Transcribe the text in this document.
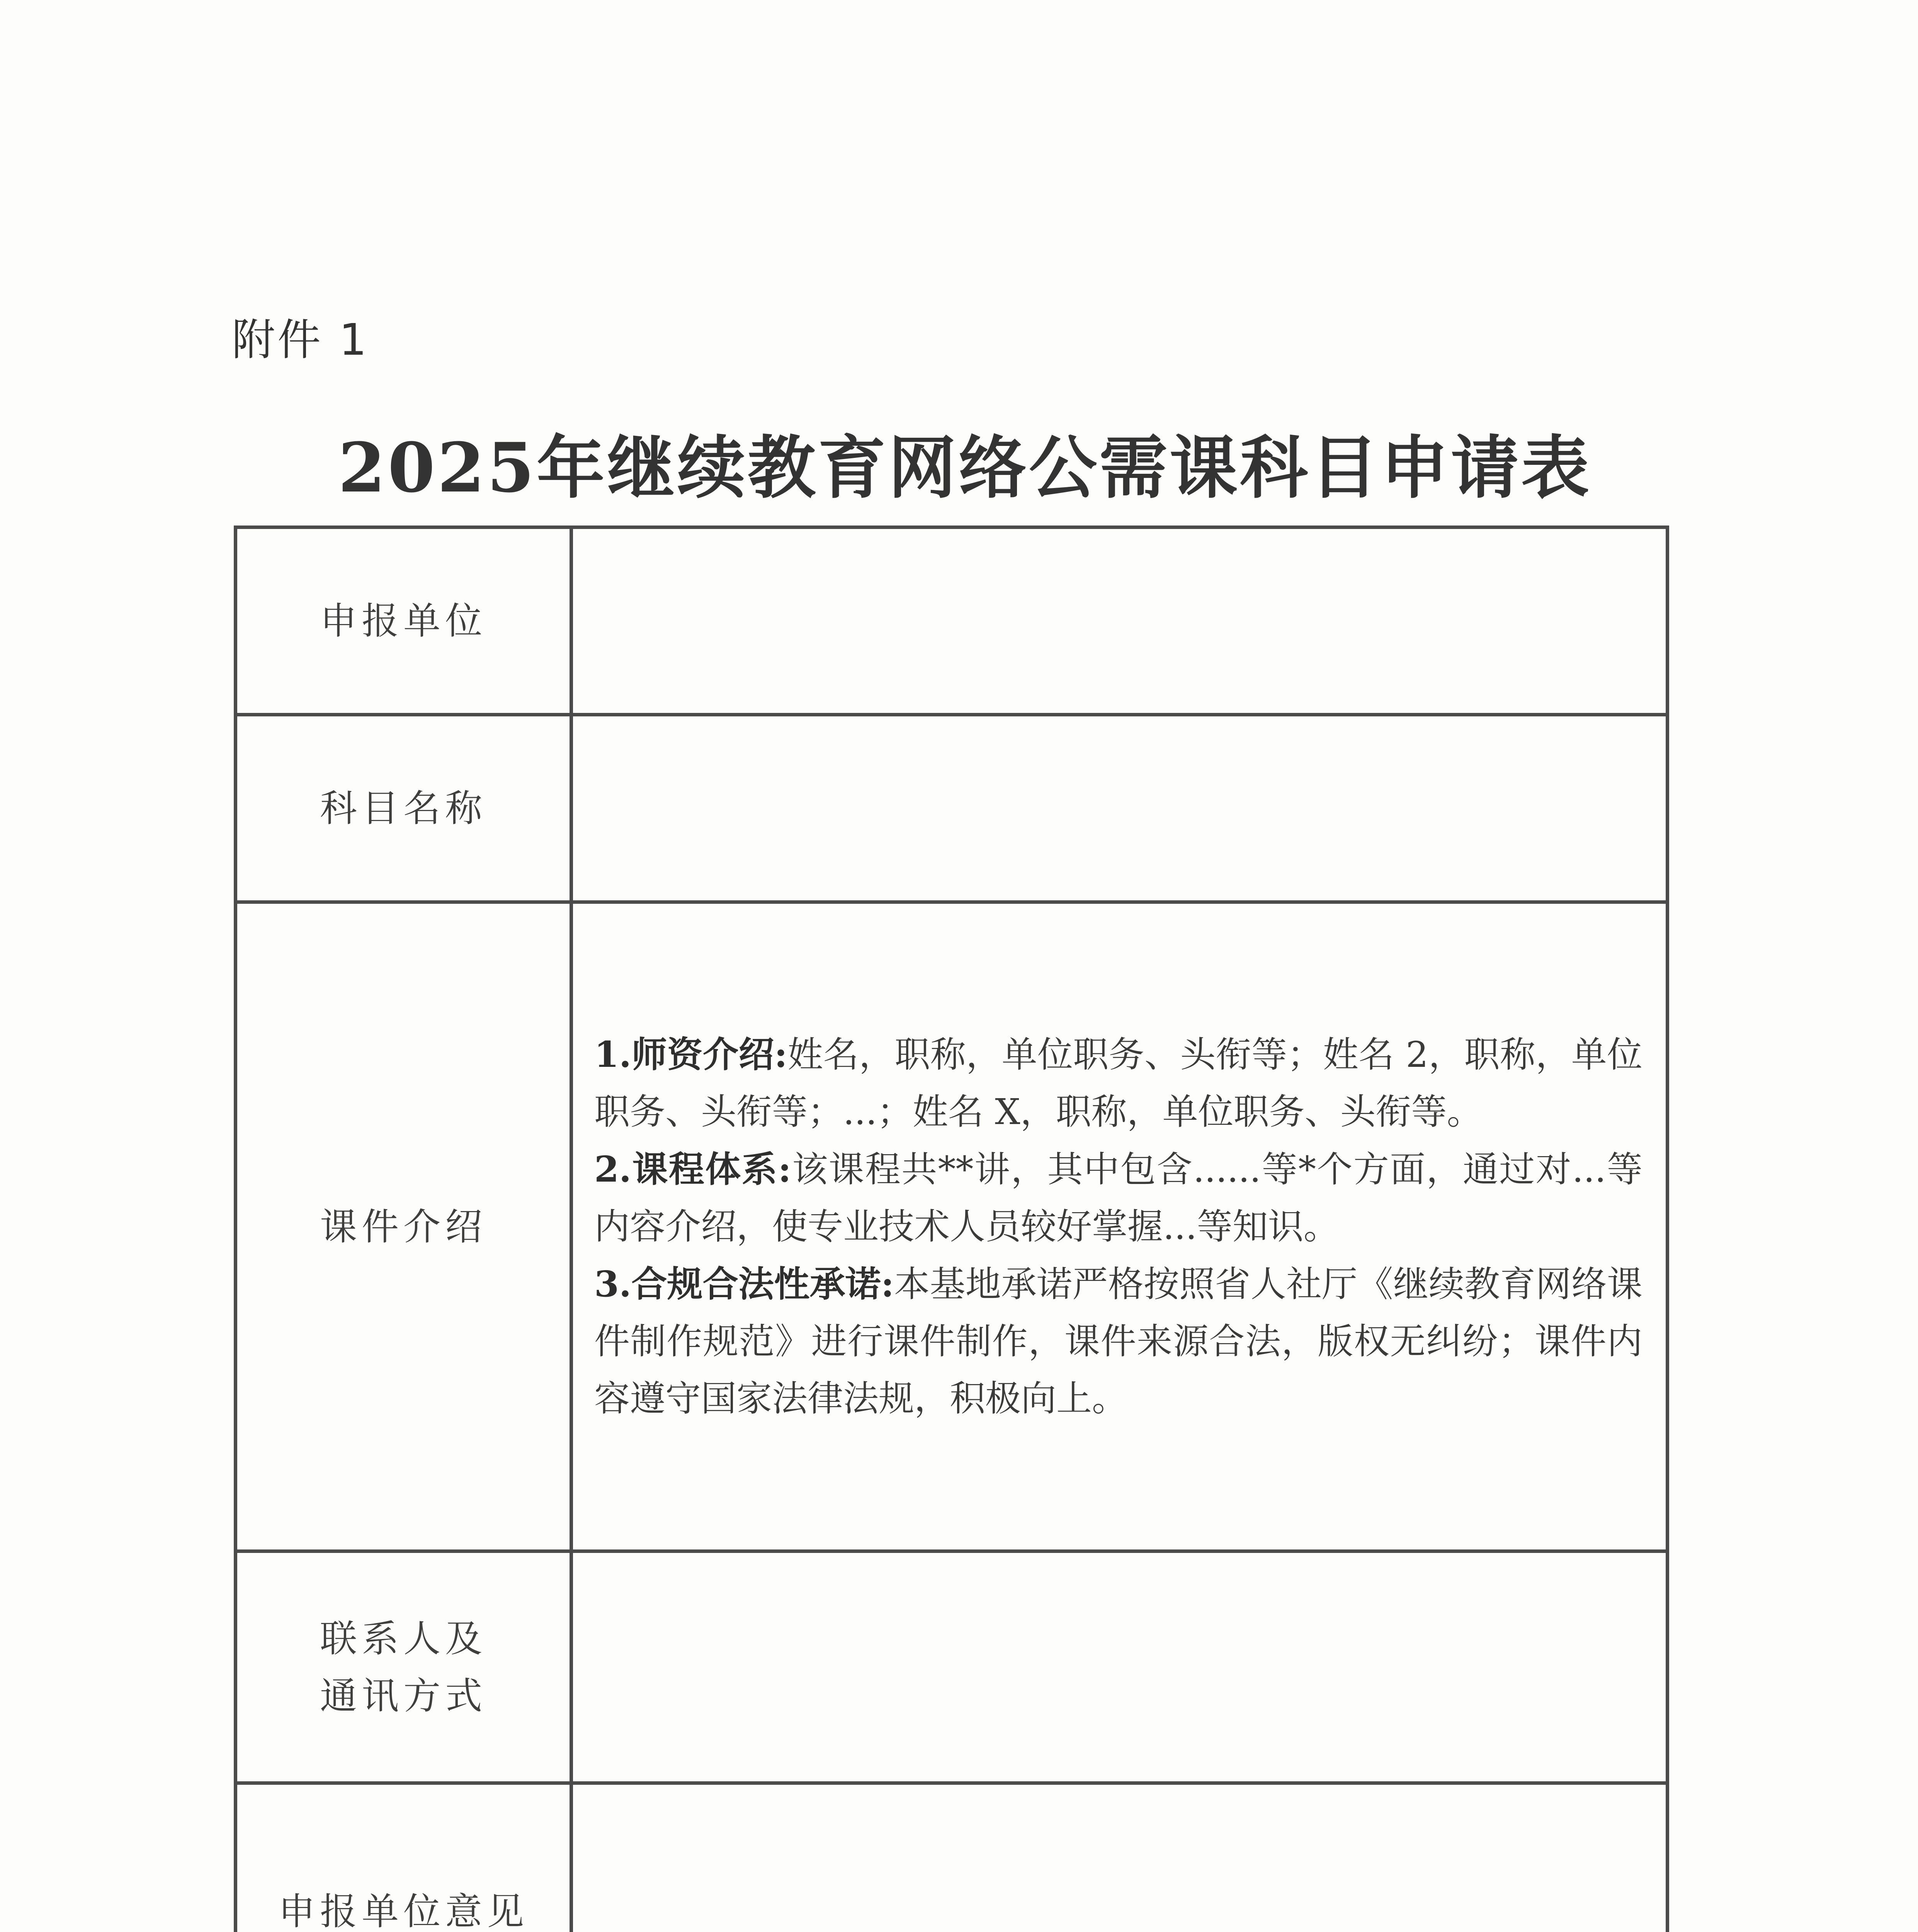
附件 1
2025年继续教育网络公需课科目申请表
申报单位	
科目名称	
课件介绍	1.师资介绍:姓名，职称，单位职务、头衔等；姓名 2，职称，单位职务、头衔等；...；姓名 X，职称，单位职务、头衔等。

2.课程体系:该课程共**讲，其中包含......等*个方面，通过对...等内容介绍，使专业技术人员较好掌握...等知识。

3.合规合法性承诺:本基地承诺严格按照省人社厅《继续教育网络课件制作规范》进行课件制作，课件来源合法，版权无纠纷；课件内容遵守国家法律法规，积极向上。

联系人及
通讯方式	

申报单位意见	
